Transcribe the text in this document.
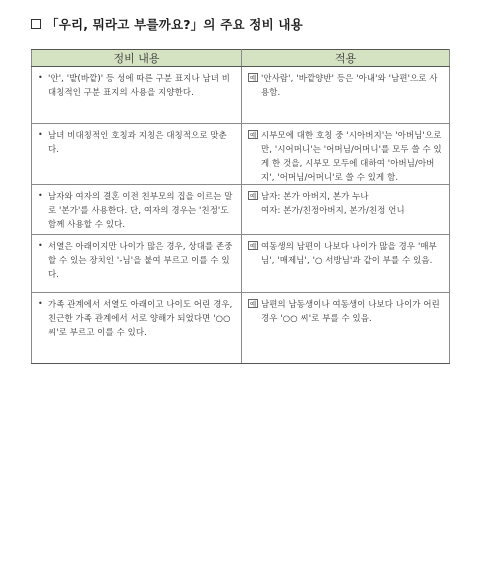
「우리, 뭐라고 부를까요?」의 주요 정비 내용
정비 내용	적용

• '안', '밭(바깥)' 등 성에 따른 구분 표지나 남녀 비대칭적인 구분 표지의 사용을 지양한다.	예 '안사람', '바깥양반' 등은 '아내'와 '남편'으로 사용함.

• 남녀 비대칭적인 호칭과 지칭은 대칭적으로 맞춘다.	예 시부모에 대한 호칭 중 '시아버지'는 '아버님'으로만, '시어머니'는 '어머님/어머니'를 모두 쓸 수 있게 한 것을, 시부모 모두에 대하여 '아버님/아버지', '어머님/어머니'로 쓸 수 있게 함.

• 남자와 여자의 결혼 이전 친부모의 집을 이르는 말로 '본가'를 사용한다. 단, 여자의 경우는 '친정'도 함께 사용할 수 있다.	예 남자: 본가 아버지, 본가 누나
여자: 본가/친정아버지, 본가/친정 언니

• 서열은 아래이지만 나이가 많은 경우, 상대를 존중할 수 있는 장치인 '-님'을 붙여 부르고 이를 수 있다.	예 여동생의 남편이 나보다 나이가 많을 경우 '매부님', '매제님', '○ 서방님'과 같이 부를 수 있음.

• 가족 관계에서 서열도 아래이고 나이도 어린 경우, 친근한 가족 관계에서 서로 양해가 되었다면 '○○ 씨'로 부르고 이를 수 있다.	예 남편의 남동생이나 여동생이 나보다 나이가 어린 경우 '○○ 씨'로 부를 수 있음.
